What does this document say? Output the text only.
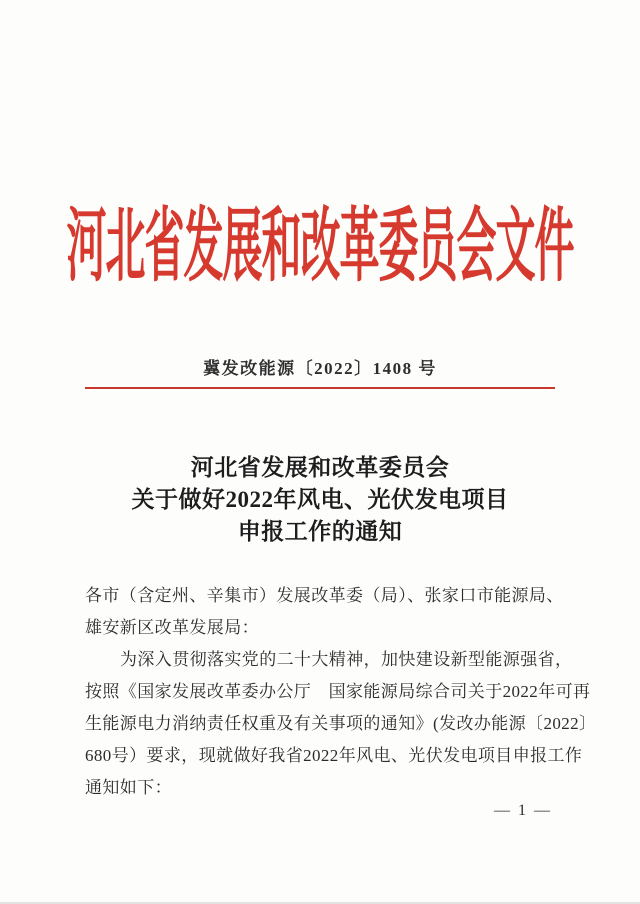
河北省发展和改革委员会文件
冀发改能源〔2022〕1408 号
河北省发展和改革委员会
关于做好2022年风电、光伏发电项目
申报工作的通知
各市（含定州、辛集市）发展改革委（局）、张家口市能源局、
雄安新区改革发展局：
为深入贯彻落实党的二十大精神，加快建设新型能源强省，
按照《国家发展改革委办公厅　国家能源局综合司关于2022年可再
生能源电力消纳责任权重及有关事项的通知》(发改办能源〔2022〕
680号）要求，现就做好我省2022年风电、光伏发电项目申报工作
通知如下：
— 1 —
